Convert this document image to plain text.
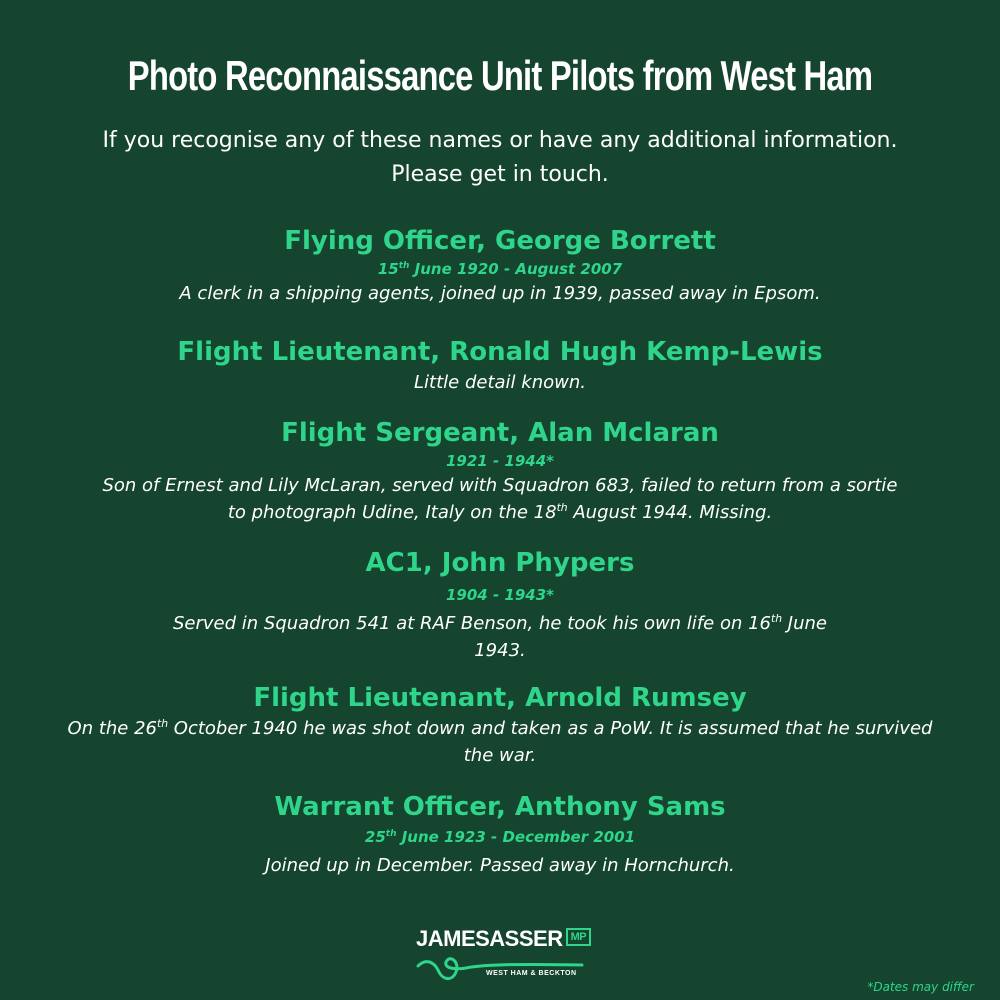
Photo Reconnaissance Unit Pilots from West Ham
If you recognise any of these names or have any additional information.
Please get in touch.
Flying Officer, George Borrett
15th June 1920 - August 2007
A clerk in a shipping agents, joined up in 1939, passed away in Epsom.
Flight Lieutenant, Ronald Hugh Kemp-Lewis
Little detail known.
Flight Sergeant, Alan Mclaran
1921 - 1944*
Son of Ernest and Lily McLaran, served with Squadron 683, failed to return from a sortie
to photograph Udine, Italy on the 18th August 1944. Missing.
AC1, John Phypers
1904 - 1943*
Served in Squadron 541 at RAF Benson, he took his own life on 16th June
1943.
Flight Lieutenant, Arnold Rumsey
On the 26th October 1940 he was shot down and taken as a PoW. It is assumed that he survived
the war.
Warrant Officer, Anthony Sams
25th June 1923 - December 2001
Joined up in December. Passed away in Hornchurch.
JAMESASSER MP
WEST HAM & BECKTON
*Dates may differ
